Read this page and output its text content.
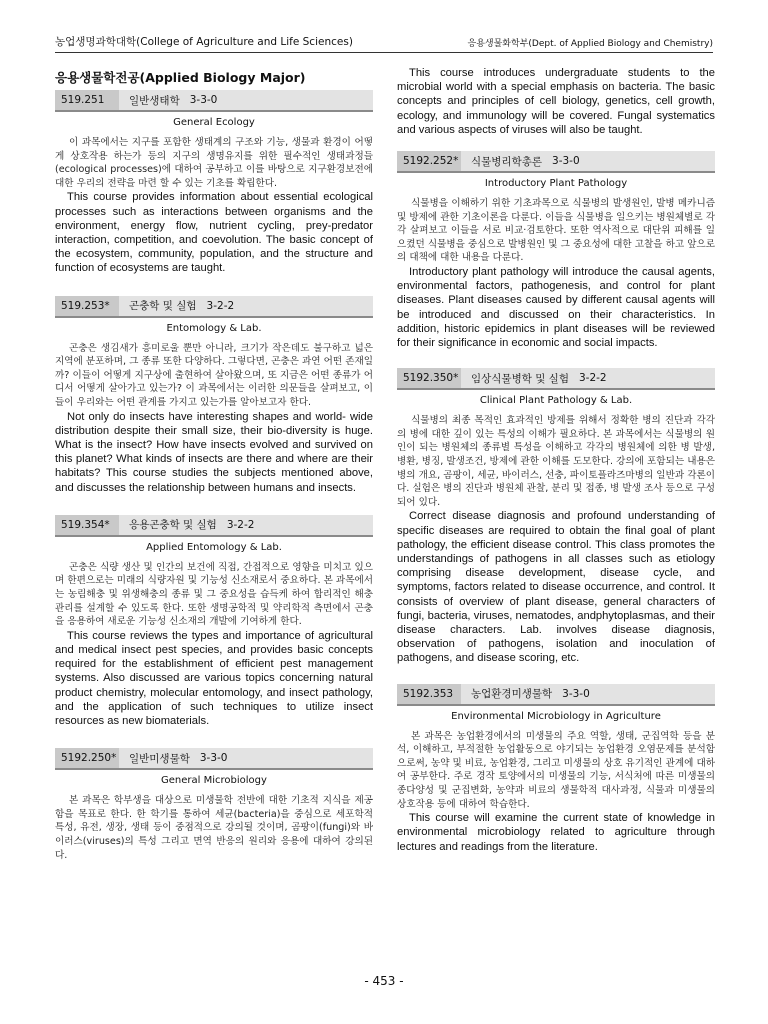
농업생명과학대학(College of Agriculture and Life Sciences)	응용생물화학부(Dept. of Applied Biology and Chemistry)
응용생물학전공(Applied Biology Major)
519.251	일반생태학 3-3-0
General Ecology

이 과목에서는 지구를 포함한 생태계의 구조와 기능, 생물과 환경이 어떻게 상호작용 하는가 등의 지구의 생명유지를 위한 필수적인 생태과정들(ecological processes)에 대하여 공부하고 이를 바탕으로 지구환경보전에 대한 우리의 전략을 마련 할 수 있는 기초를 확립한다.

This course provides information about essential ecological processes such as interactions between organisms and the environment, energy flow, nutrient cycling, prey-predator interaction, competition, and coevolution. The basic concept of the ecosystem, community, population, and the structure and function of ecosystems are taught.

519.253*	곤충학 및 실험 3-2-2
Entomology & Lab.

곤충은 생김새가 흥미로울 뿐만 아니라, 크기가 작은데도 불구하고 넓은 지역에 분포하며, 그 종류 또한 다양하다. 그렇다면, 곤충은 과연 어떤 존재일까? 이들이 어떻게 지구상에 출현하여 살아왔으며, 또 지금은 어떤 종류가 어디서 어떻게 살아가고 있는가? 이 과목에서는 이러한 의문들을 살펴보고, 이들이 우리와는 어떤 관계를 가지고 있는가를 알아보고자 한다.

Not only do insects have interesting shapes and world- wide distribution despite their small size, their bio-diversity is huge. What is the insect? How have insects evolved and survived on this planet? What kinds of insects are there and where are their habitats? This course studies the subjects mentioned above, and discusses the relationship between humans and insects.

519.354*	응용곤충학 및 실험 3-2-2
Applied Entomology & Lab.

곤충은 식량 생산 및 인간의 보건에 직접, 간접적으로 영향을 미치고 있으며 한편으로는 미래의 식량자원 및 기능성 신소재로서 중요하다. 본 과목에서는 농림해충 및 위생해충의 종류 및 그 중요성을 습득케 하여 합리적인 해충관리를 설계할 수 있도록 한다. 또한 생명공학적 및 약리학적 측면에서 곤충을 응용하여 새로운 기능성 신소재의 개발에 기여하게 한다.

This course reviews the types and importance of agricultural and medical insect pest species, and provides basic concepts required for the establishment of efficient pest management systems. Also discussed are various topics concerning natural product chemistry, molecular entomology, and insect pathology, and the application of such techniques to utilize insect resources as new biomaterials.

5192.250*	일반미생물학 3-3-0
General Microbiology

본 과목은 학부생을 대상으로 미생물학 전반에 대한 기초적 지식을 제공함을 목표로 한다. 한 학기를 통하여 세균(bacteria)을 중심으로 세포학적 특성, 유전, 생장, 생태 등이 중점적으로 강의될 것이며, 곰팡이(fungi)와 바이러스(viruses)의 특성 그리고 면역 반응의 원리와 응용에 대하여 강의된다.

This course introduces undergraduate students to the microbial world with a special emphasis on bacteria. The basic concepts and principles of cell biology, genetics, cell growth, ecology, and immunology will be covered. Fungal systematics and various aspects of viruses will also be taught.

5192.252*	식물병리학총론 3-3-0
Introductory Plant Pathology

식물병을 이해하기 위한 기초과목으로 식물병의 발생원인, 발병 메카니즘 및 방제에 관한 기초이론을 다룬다. 이들을 식물병을 일으키는 병원체별로 각각 살펴보고 이들을 서로 비교·검토한다. 또한 역사적으로 대단위 피해를 일으켰던 식물병을 중심으로 발병원인 및 그 중요성에 대한 고찰을 하고 앞으로의 대책에 대한 내용을 다룬다.

Introductory plant pathology will introduce the causal agents, environmental factors, pathogenesis, and control for plant diseases. Plant diseases caused by different causal agents will be introduced and discussed on their characteristics. In addition, historic epidemics in plant diseases will be reviewed for their significance in economic and social impacts.

5192.350*	임상식물병학 및 실험 3-2-2
Clinical Plant Pathology & Lab.

식물병의 최종 목적인 효과적인 방제를 위해서 정확한 병의 진단과 각각의 병에 대한 깊이 있는 특성의 이해가 필요하다. 본 과목에서는 식물병의 원인이 되는 병원체의 종류별 특성을 이해하고 각각의 병원체에 의한 병 발생, 병환, 병징, 발생조건, 방제에 관한 이해를 도모한다. 강의에 포함되는 내용은 병의 개요, 곰팡이, 세균, 바이러스, 선충, 파이토플라즈마병의 일반과 각론이다. 실험은 병의 진단과 병원체 관찰, 분리 및 접종, 병 발생 조사 등으로 구성되어 있다.

Correct disease diagnosis and profound understanding of specific diseases are required to obtain the final goal of plant pathology, the efficient disease control. This class promotes the understandings of pathogens in all classes such as etiology comprising disease development, disease cycle, and symptoms, factors related to disease occurrence, and control. It consists of overview of plant disease, general characters of fungi, bacteria, viruses, nematodes, andphytoplasmas, and their disease characters. Lab. involves disease diagnosis, observation of pathogens, isolation and inoculation of pathogens, and disease scoring, etc.

5192.353	농업환경미생물학 3-3-0
Environmental Microbiology in Agriculture

본 과목은 농업환경에서의 미생물의 주요 역할, 생태, 군집역학 등을 분석, 이해하고, 부적절한 농업활동으로 야기되는 농업환경 오염문제를 분석함으로써, 농약 및 비료, 농업환경, 그리고 미생물의 상호 유기적인 관계에 대하여 공부한다. 주로 경작 토양에서의 미생물의 기능, 서식처에 따른 미생물의 종다양성 및 군집변화, 농약과 비료의 생물학적 대사과정, 식물과 미생물의 상호작용 등에 대하여 학습한다.

This course will examine the current state of knowledge in environmental microbiology related to agriculture through lectures and readings from the literature.

- 453 -
